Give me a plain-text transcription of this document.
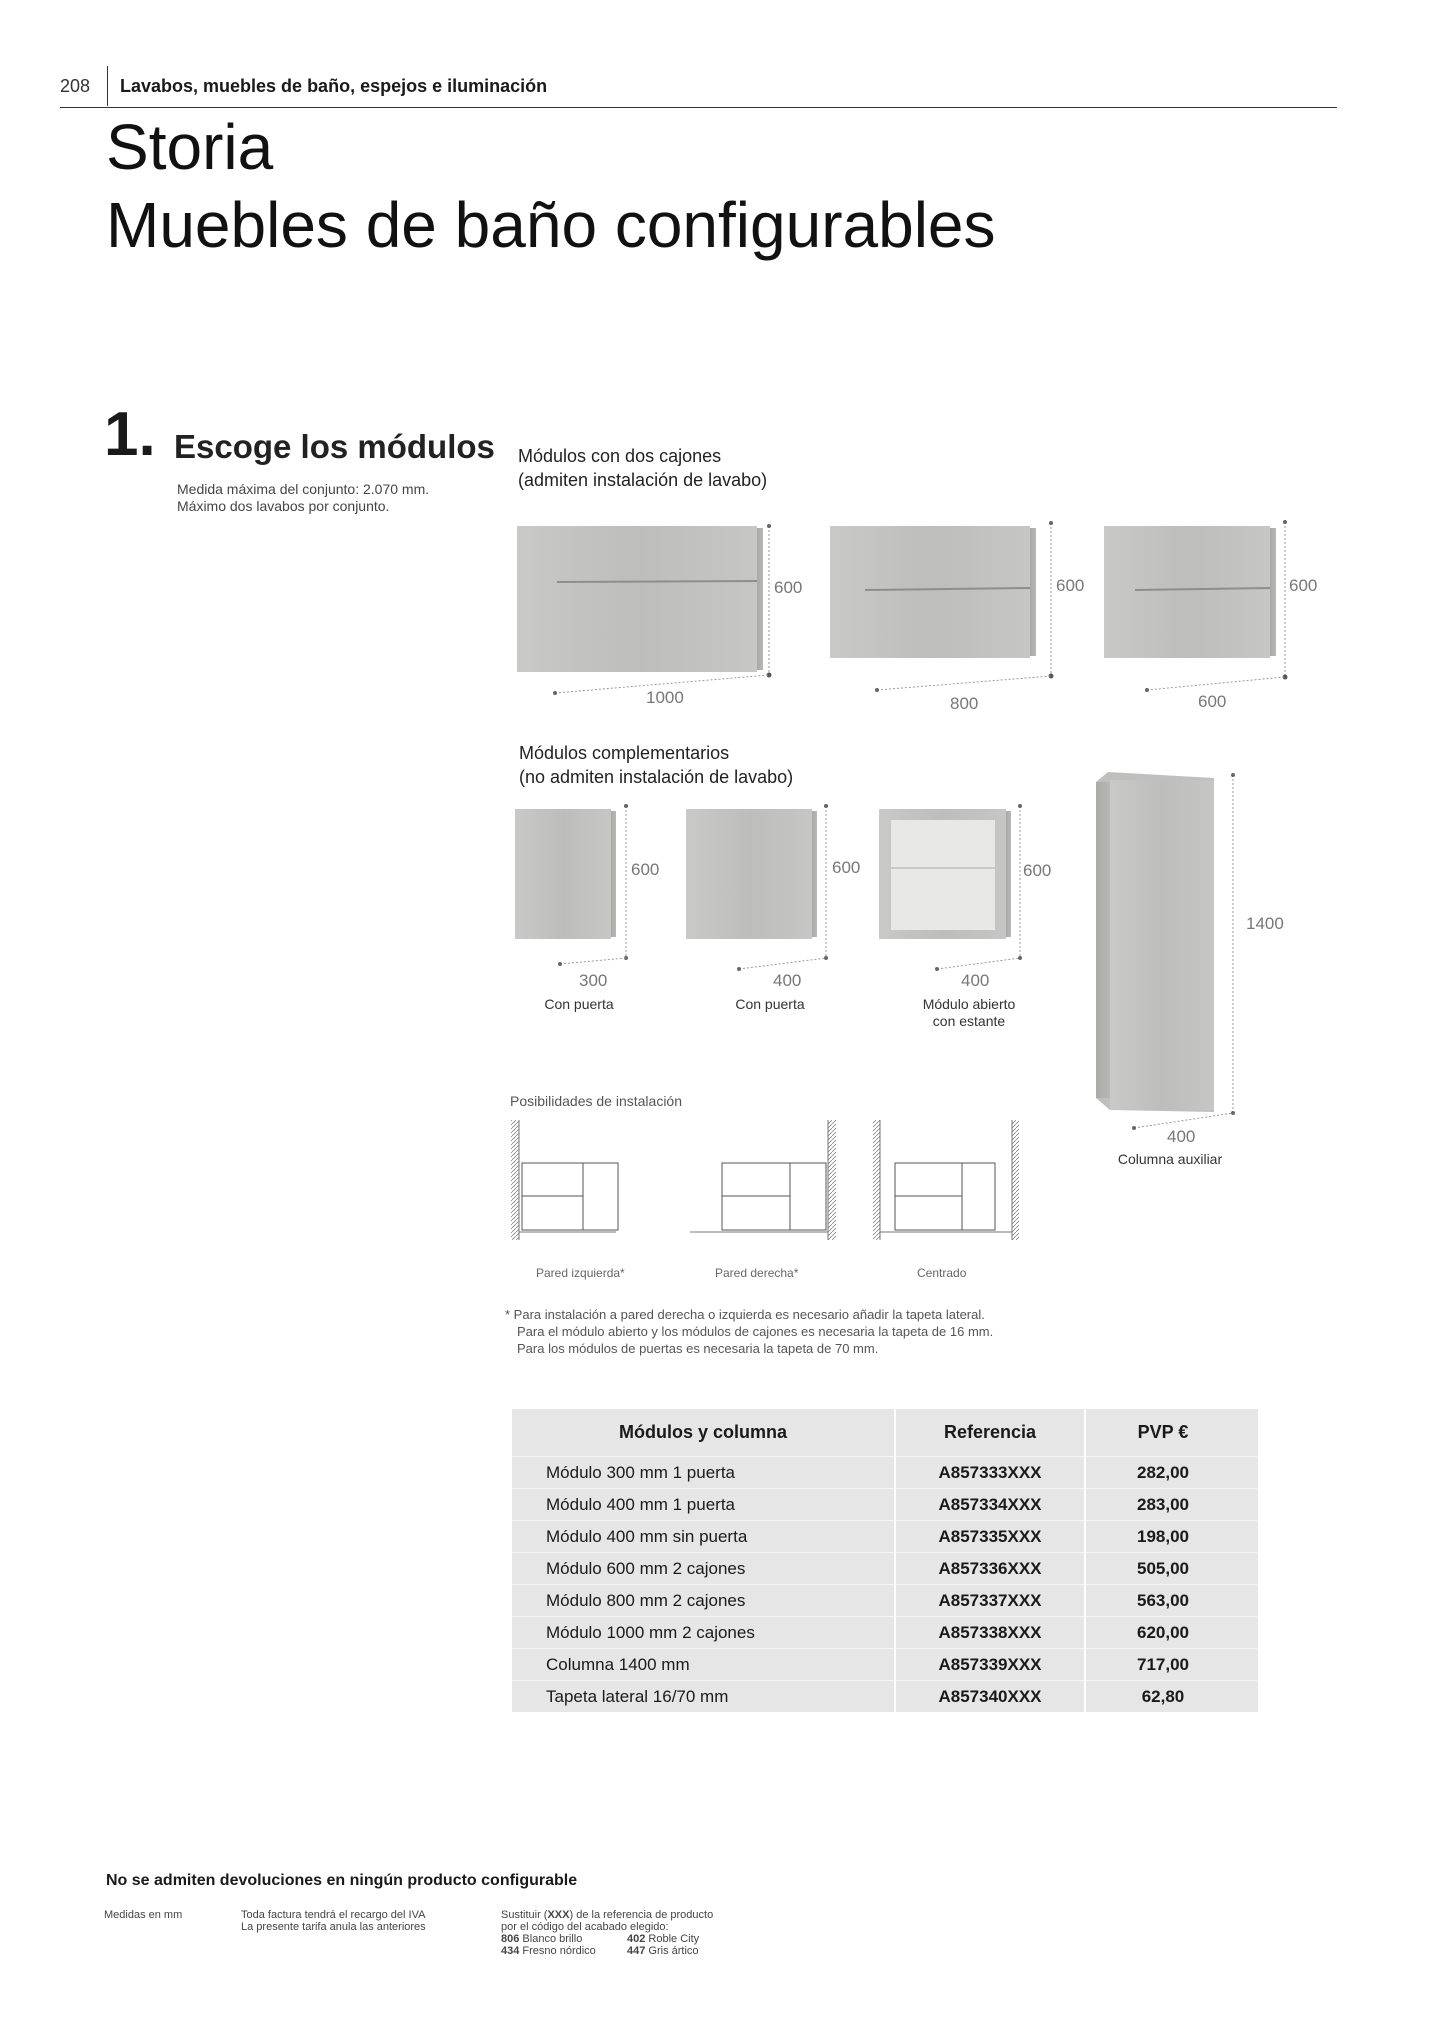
208 Lavabos, muebles de baño, espejos e iluminación
Storia
Muebles de baño configurables
1. Escoge los módulos
Medida máxima del conjunto: 2.070 mm.
Máximo dos lavabos por conjunto.
Módulos con dos cajones
(admiten instalación de lavabo)
600
1000
600
800
600
600
Módulos complementarios
(no admiten instalación de lavabo)
600
300
Con puerta
600
400
Con puerta
600
400
Módulo abierto
con estante
1400
400
Columna auxiliar
Posibilidades de instalación
Pared izquierda*	Pared derecha*	Centrado
* Para instalación a pared derecha o izquierda es necesario añadir la tapeta lateral.
Para el módulo abierto y los módulos de cajones es necesaria la tapeta de 16 mm.
Para los módulos de puertas es necesaria la tapeta de 70 mm.
Módulos y columna	Referencia	PVP €	
Módulo 300 mm 1 puerta	A857333XXX	282,00	
Módulo 400 mm 1 puerta	A857334XXX	283,00	
Módulo 400 mm sin puerta	A857335XXX	198,00	
Módulo 600 mm 2 cajones	A857336XXX	505,00	
Módulo 800 mm 2 cajones	A857337XXX	563,00	
Módulo 1000 mm 2 cajones	A857338XXX	620,00	
Columna 1400 mm	A857339XXX	717,00	
Tapeta lateral 16/70 mm	A857340XXX	62,80	
No se admiten devoluciones en ningún producto configurable
Medidas en mm	Toda factura tendrá el recargo del IVA
La presente tarifa anula las anteriores
Sustituir (XXX) de la referencia de producto
por el código del acabado elegido:
806 Blanco brillo	402 Roble City
434 Fresno nórdico	447 Gris ártico
